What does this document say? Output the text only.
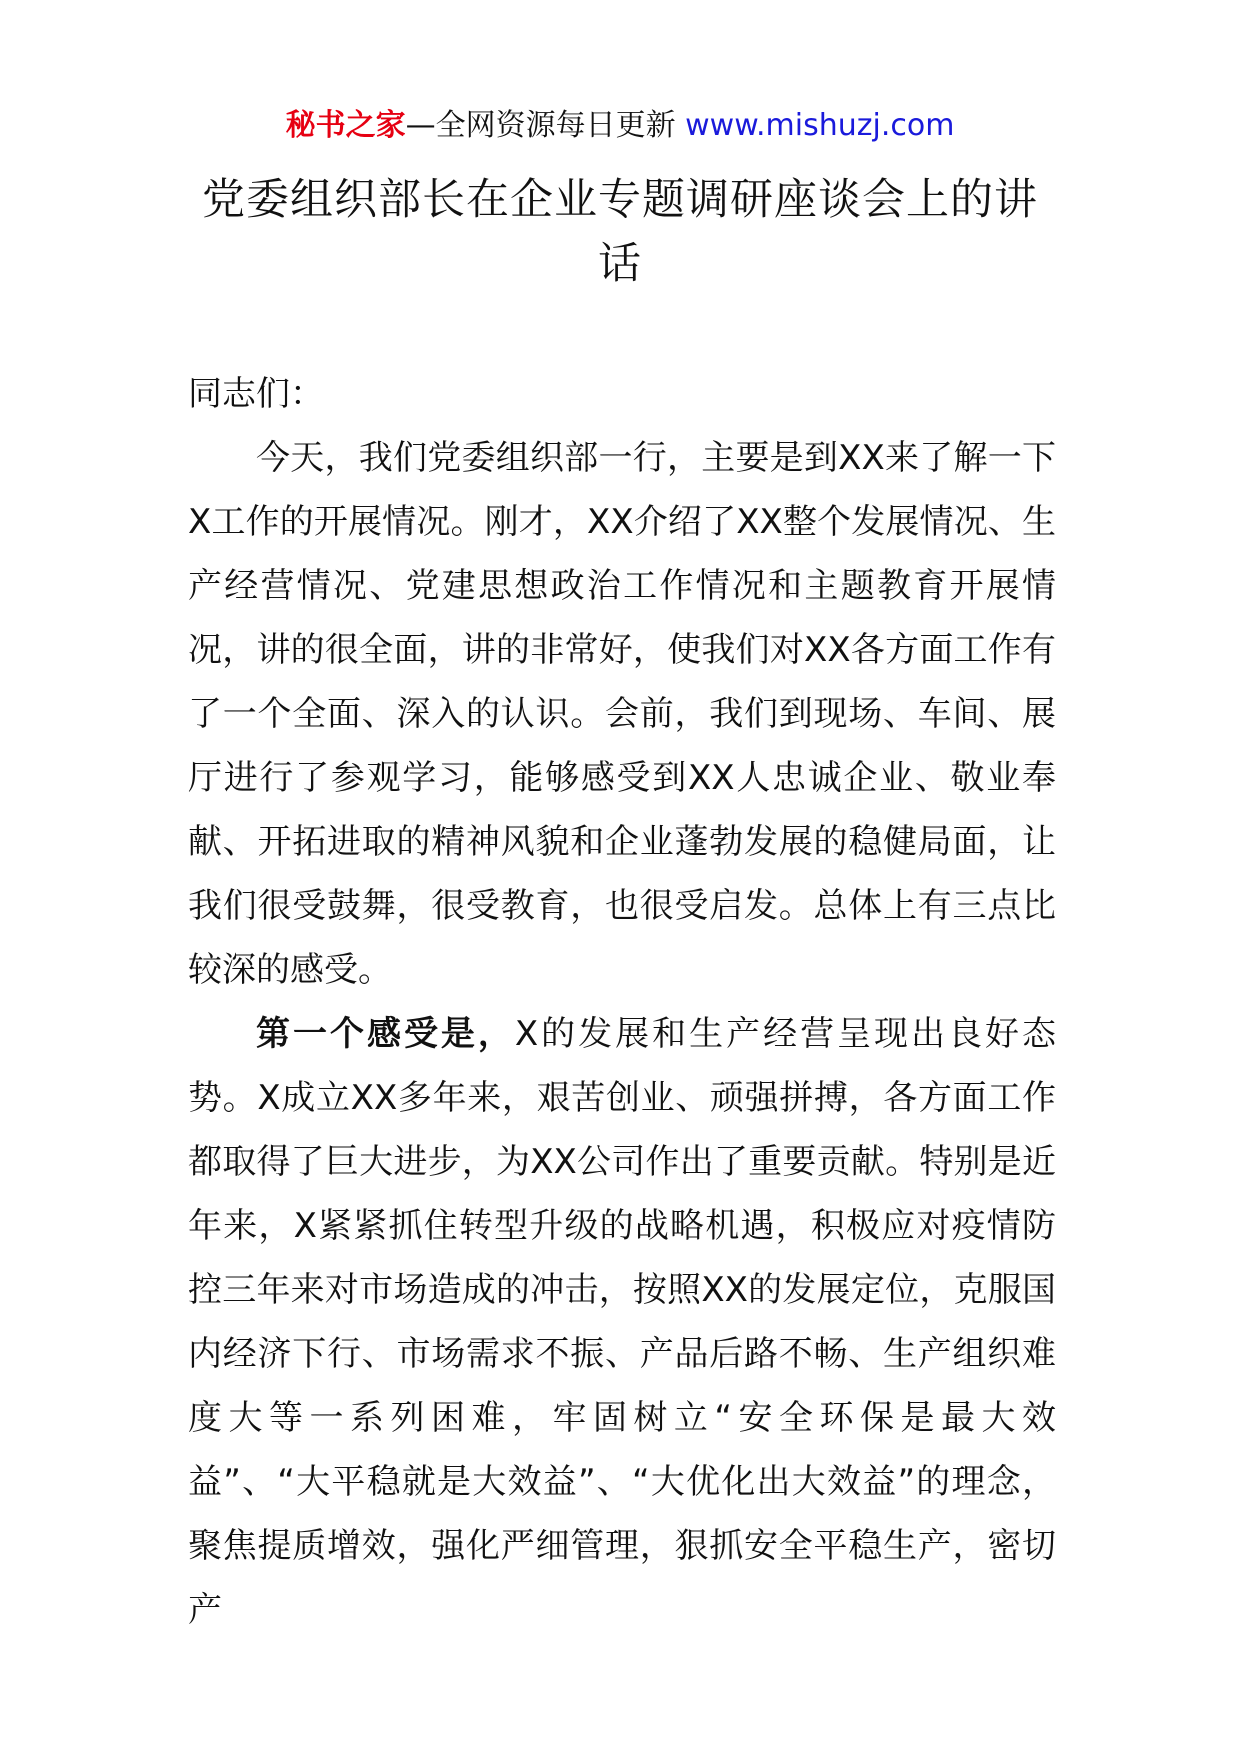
秘书之家—全网资源每日更新 www.mishuzj.com
党委组织部长在企业专题调研座谈会上的讲话

同志们：

今天，我们党委组织部一行，主要是到XX来了解一下X工作的开展情况。刚才，XX介绍了XX整个发展情况、生产经营情况、党建思想政治工作情况和主题教育开展情况，讲的很全面，讲的非常好，使我们对XX各方面工作有了一个全面、深入的认识。会前，我们到现场、车间、展厅进行了参观学习，能够感受到XX人忠诚企业、敬业奉献、开拓进取的精神风貌和企业蓬勃发展的稳健局面，让我们很受鼓舞，很受教育，也很受启发。总体上有三点比较深的感受。

第一个感受是，X的发展和生产经营呈现出良好态势。X成立XX多年来，艰苦创业、顽强拼搏，各方面工作都取得了巨大进步，为XX公司作出了重要贡献。特别是近年来，X紧紧抓住转型升级的战略机遇，积极应对疫情防控三年来对市场造成的冲击，按照XX的发展定位，克服国内经济下行、市场需求不振、产品后路不畅、生产组织难度大等一系列困难，牢固树立“安全环保是最大效益”、“大平稳就是大效益”、“大优化出大效益”的理念，聚焦提质增效，强化严细管理，狠抓安全平稳生产，密切产
